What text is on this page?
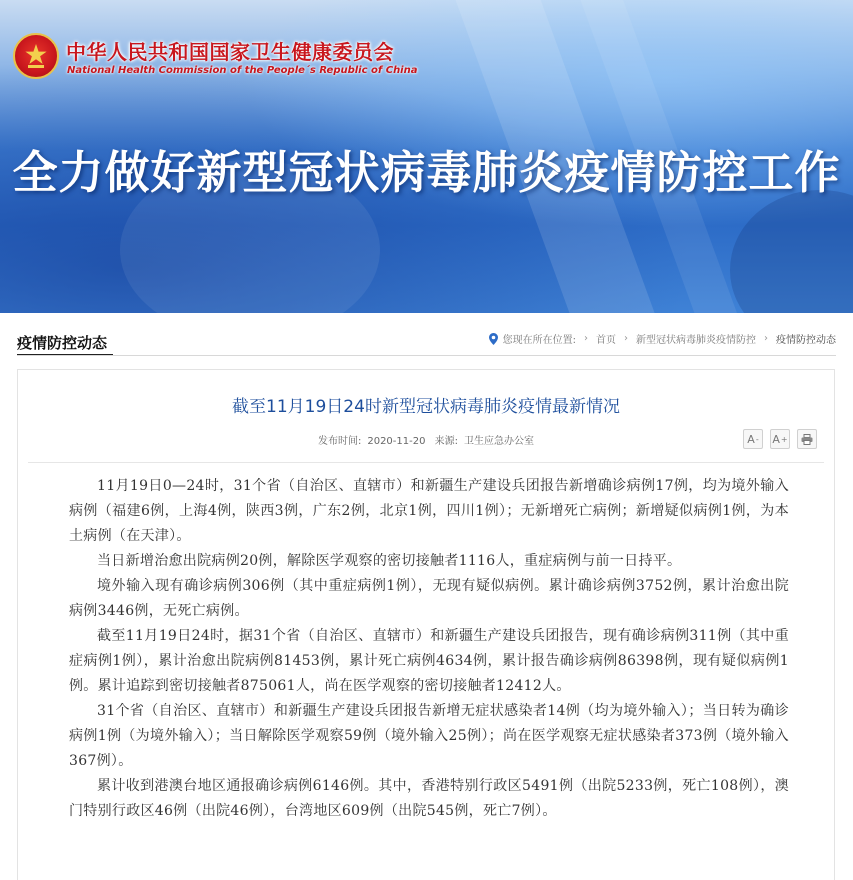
中华人民共和国国家卫生健康委员会
National Health Commission of the People´s Republic of China
全力做好新型冠状病毒肺炎疫情防控工作
疫情防控动态	您现在所在位置: › 首页 › 新型冠状病毒肺炎疫情防控 › 疫情防控动态
截至11月19日24时新型冠状病毒肺炎疫情最新情况
发布时间: 2020-11-20 来源: 卫生应急办公室	A - A +

11月19日0—24时，31个省（自治区、直辖市）和新疆生产建设兵团报告新增确诊病例17例，均为境外输入病例（福建6例，上海4例，陕西3例，广东2例，北京1例，四川1例）；无新增死亡病例；新增疑似病例1例，为本土病例（在天津）。

当日新增治愈出院病例20例，解除医学观察的密切接触者1116人，重症病例与前一日持平。

境外输入现有确诊病例306例（其中重症病例1例），无现有疑似病例。累计确诊病例3752例，累计治愈出院病例3446例，无死亡病例。

截至11月19日24时，据31个省（自治区、直辖市）和新疆生产建设兵团报告，现有确诊病例311例（其中重症病例1例），累计治愈出院病例81453例，累计死亡病例4634例，累计报告确诊病例86398例，现有疑似病例1例。累计追踪到密切接触者875061人，尚在医学观察的密切接触者12412人。

31个省（自治区、直辖市）和新疆生产建设兵团报告新增无症状感染者14例（均为境外输入）；当日转为确诊病例1例（为境外输入）；当日解除医学观察59例（境外输入25例）；尚在医学观察无症状感染者373例（境外输入367例）。

累计收到港澳台地区通报确诊病例6146例。其中，香港特别行政区5491例（出院5233例，死亡108例），澳门特别行政区46例（出院46例），台湾地区609例（出院545例，死亡7例）。
